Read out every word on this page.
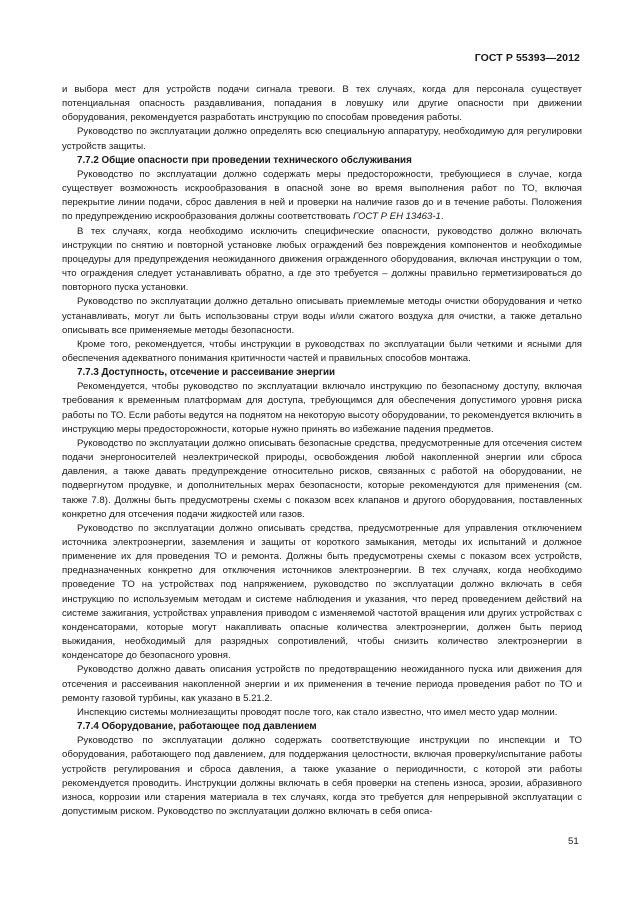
ГОСТ Р 55393—2012

и выбора мест для устройств подачи сигнала тревоги. В тех случаях, когда для персонала существует потенциальная опасность раздавливания, попадания в ловушку или другие опасности при движении оборудования, рекомендуется разработать инструкцию по способам проведения работы.

Руководство по эксплуатации должно определять всю специальную аппаратуру, необходимую для регулировки устройств защиты.

7.7.2 Общие опасности при проведении технического обслуживания

Руководство по эксплуатации должно содержать меры предосторожности, требующиеся в случае, когда существует возможность искрообразования в опасной зоне во время выполнения работ по ТО, включая перекрытие линии подачи, сброс давления в ней и проверки на наличие газов до и в течение работы. Положения по предупреждению искрообразования должны соответствовать ГОСТ Р ЕН 13463-1.

В тех случаях, когда необходимо исключить специфические опасности, руководство должно включать инструкции по снятию и повторной установке любых ограждений без повреждения компонентов и необходимые процедуры для предупреждения неожиданного движения огражденного оборудования, включая инструкции о том, что ограждения следует устанавливать обратно, а где это требуется – должны правильно герметизироваться до повторного пуска установки.

Руководство по эксплуатации должно детально описывать приемлемые методы очистки оборудования и четко устанавливать, могут ли быть использованы струи воды и/или сжатого воздуха для очистки, а также детально описывать все применяемые методы безопасности.

Кроме того, рекомендуется, чтобы инструкции в руководствах по эксплуатации были четкими и ясными для обеспечения адекватного понимания критичности частей и правильных способов монтажа.

7.7.3 Доступность, отсечение и рассеивание энергии

Рекомендуется, чтобы руководство по эксплуатации включало инструкцию по безопасному доступу, включая требования к временным платформам для доступа, требующимся для обеспечения допустимого уровня риска работы по ТО. Если работы ведутся на поднятом на некоторую высоту оборудовании, то рекомендуется включить в инструкцию меры предосторожности, которые нужно принять во избежание падения предметов.

Руководство по эксплуатации должно описывать безопасные средства, предусмотренные для отсечения систем подачи энергоносителей неэлектрической природы, освобождения любой накопленной энергии или сброса давления, а также давать предупреждение относительно рисков, связанных с работой на оборудовании, не подвергнутом продувке, и дополнительных мерах безопасности, которые рекомендуются для применения (см. также 7.8). Должны быть предусмотрены схемы с показом всех клапанов и другого оборудования, поставленных конкретно для отсечения подачи жидкостей или газов.

Руководство по эксплуатации должно описывать средства, предусмотренные для управления отключением источника электроэнергии, заземления и защиты от короткого замыкания, методы их испытаний и должное применение их для проведения ТО и ремонта. Должны быть предусмотрены схемы с показом всех устройств, предназначенных конкретно для отключения источников электроэнергии. В тех случаях, когда необходимо проведение ТО на устройствах под напряжением, руководство по эксплуатации должно включать в себя инструкцию по используемым методам и системе наблюдения и указания, что перед проведением действий на системе зажигания, устройствах управления приводом с изменяемой частотой вращения или других устройствах с конденсаторами, которые могут накапливать опасные количества электроэнергии, должен быть период выжидания, необходимый для разрядных сопротивлений, чтобы снизить количество электроэнергии в конденсаторе до безопасного уровня.

Руководство должно давать описания устройств по предотвращению неожиданного пуска или движения для отсечения и рассеивания накопленной энергии и их применения в течение периода проведения работ по ТО и ремонту газовой турбины, как указано в 5.21.2.

Инспекцию системы молниезащиты проводят после того, как стало известно, что имел место удар молнии.

7.7.4 Оборудование, работающее под давлением

Руководство по эксплуатации должно содержать соответствующие инструкции по инспекции и ТО оборудования, работающего под давлением, для поддержания целостности, включая проверку/испытание работы устройств регулирования и сброса давления, а также указание о периодичности, с которой эти работы рекомендуется проводить. Инструкции должны включать в себя проверки на степень износа, эрозии, абразивного износа, коррозии или старения материала в тех случаях, когда это требуется для непрерывной эксплуатации с допустимым риском. Руководство по эксплуатации должно включать в себя описа-

51
